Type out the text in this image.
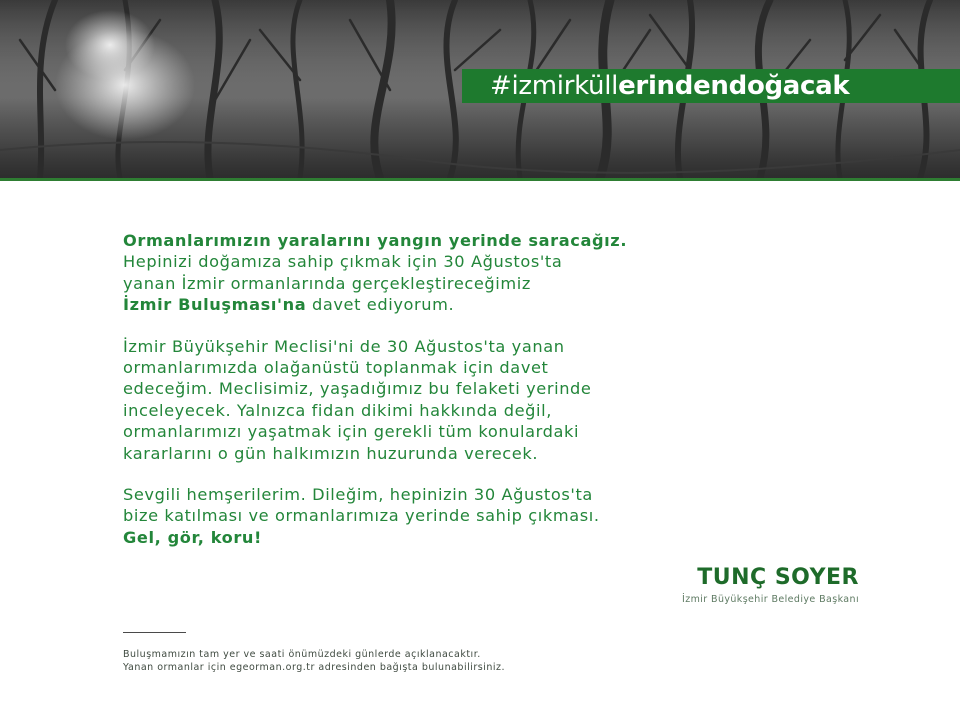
#izmirküllerindendoğacak

Ormanlarımızın yaralarını yangın yerinde saracağız.
Hepinizi doğamıza sahip çıkmak için 30 Ağustos'ta
yanan İzmir ormanlarında gerçekleştireceğimiz
İzmir Buluşması'na davet ediyorum.

İzmir Büyükşehir Meclisi'ni de 30 Ağustos'ta yanan
ormanlarımızda olağanüstü toplanmak için davet
edeceğim. Meclisimiz, yaşadığımız bu felaketi yerinde
inceleyecek. Yalnızca fidan dikimi hakkında değil,
ormanlarımızı yaşatmak için gerekli tüm konulardaki
kararlarını o gün halkımızın huzurunda verecek.

Sevgili hemşerilerim. Dileğim, hepinizin 30 Ağustos'ta
bize katılması ve ormanlarımıza yerinde sahip çıkması.
Gel, gör, koru!

TUNÇ SOYER
İzmir Büyükşehir Belediye Başkanı
Buluşmamızın tam yer ve saati önümüzdeki günlerde açıklanacaktır.
Yanan ormanlar için egeorman.org.tr adresinden bağışta bulunabilirsiniz.
